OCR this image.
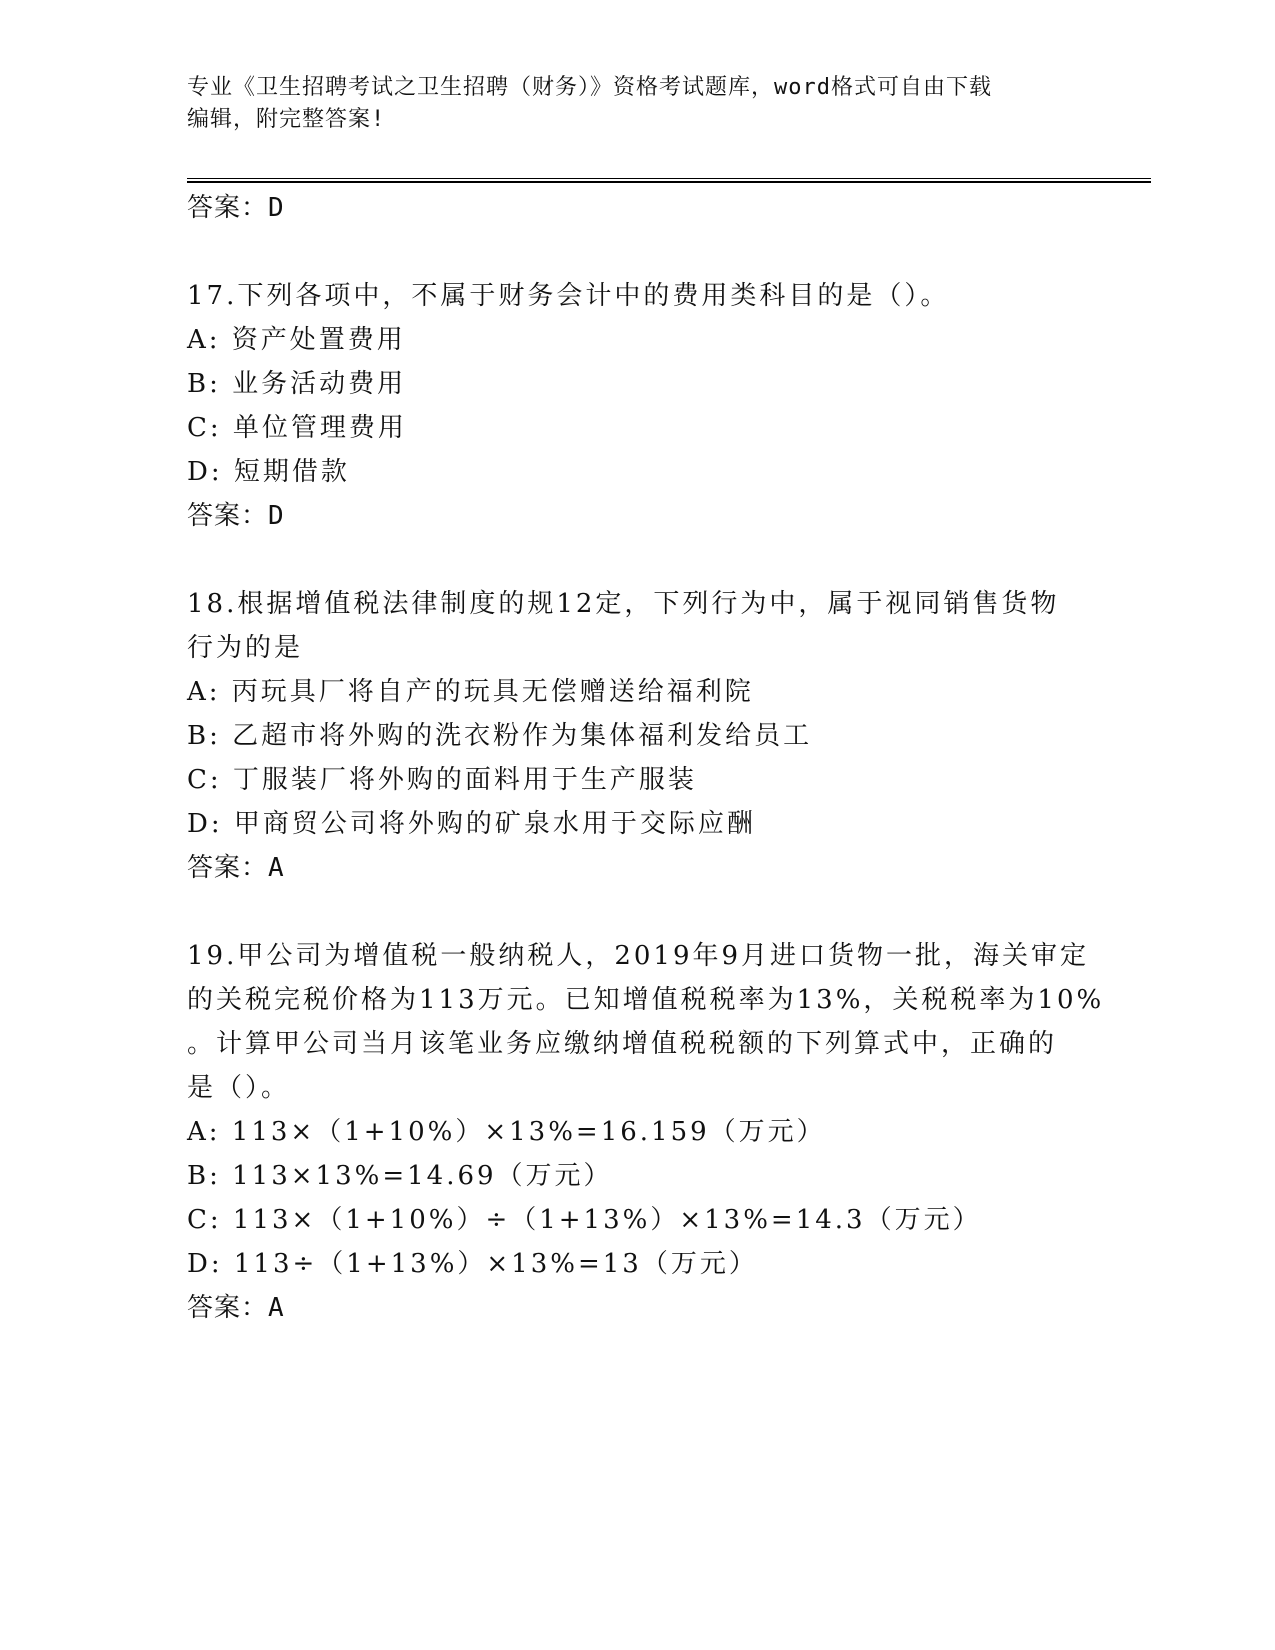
专业《卫生招聘考试之卫生招聘（财务）》资格考试题库，word格式可自由下载
编辑，附完整答案!
答案：D
17.下列各项中，不属于财务会计中的费用类科目的是（）。
A: 资产处置费用
B: 业务活动费用
C: 单位管理费用
D: 短期借款
答案：D
18.根据增值税法律制度的规12定，下列行为中，属于视同销售货物
行为的是
A: 丙玩具厂将自产的玩具无偿赠送给福利院
B: 乙超市将外购的洗衣粉作为集体福利发给员工
C: 丁服装厂将外购的面料用于生产服装
D: 甲商贸公司将外购的矿泉水用于交际应酬
答案：A
19.甲公司为增值税一般纳税人，2019年9月进口货物一批，海关审定
的关税完税价格为113万元。已知增值税税率为13%，关税税率为10%
。计算甲公司当月该笔业务应缴纳增值税税额的下列算式中，正确的
是（）。
A: 113×（1+10%）×13%=16.159（万元）
B: 113×13%=14.69（万元）
C: 113×（1+10%）÷（1+13%）×13%=14.3（万元）
D: 113÷（1+13%）×13%=13（万元）
答案：A
